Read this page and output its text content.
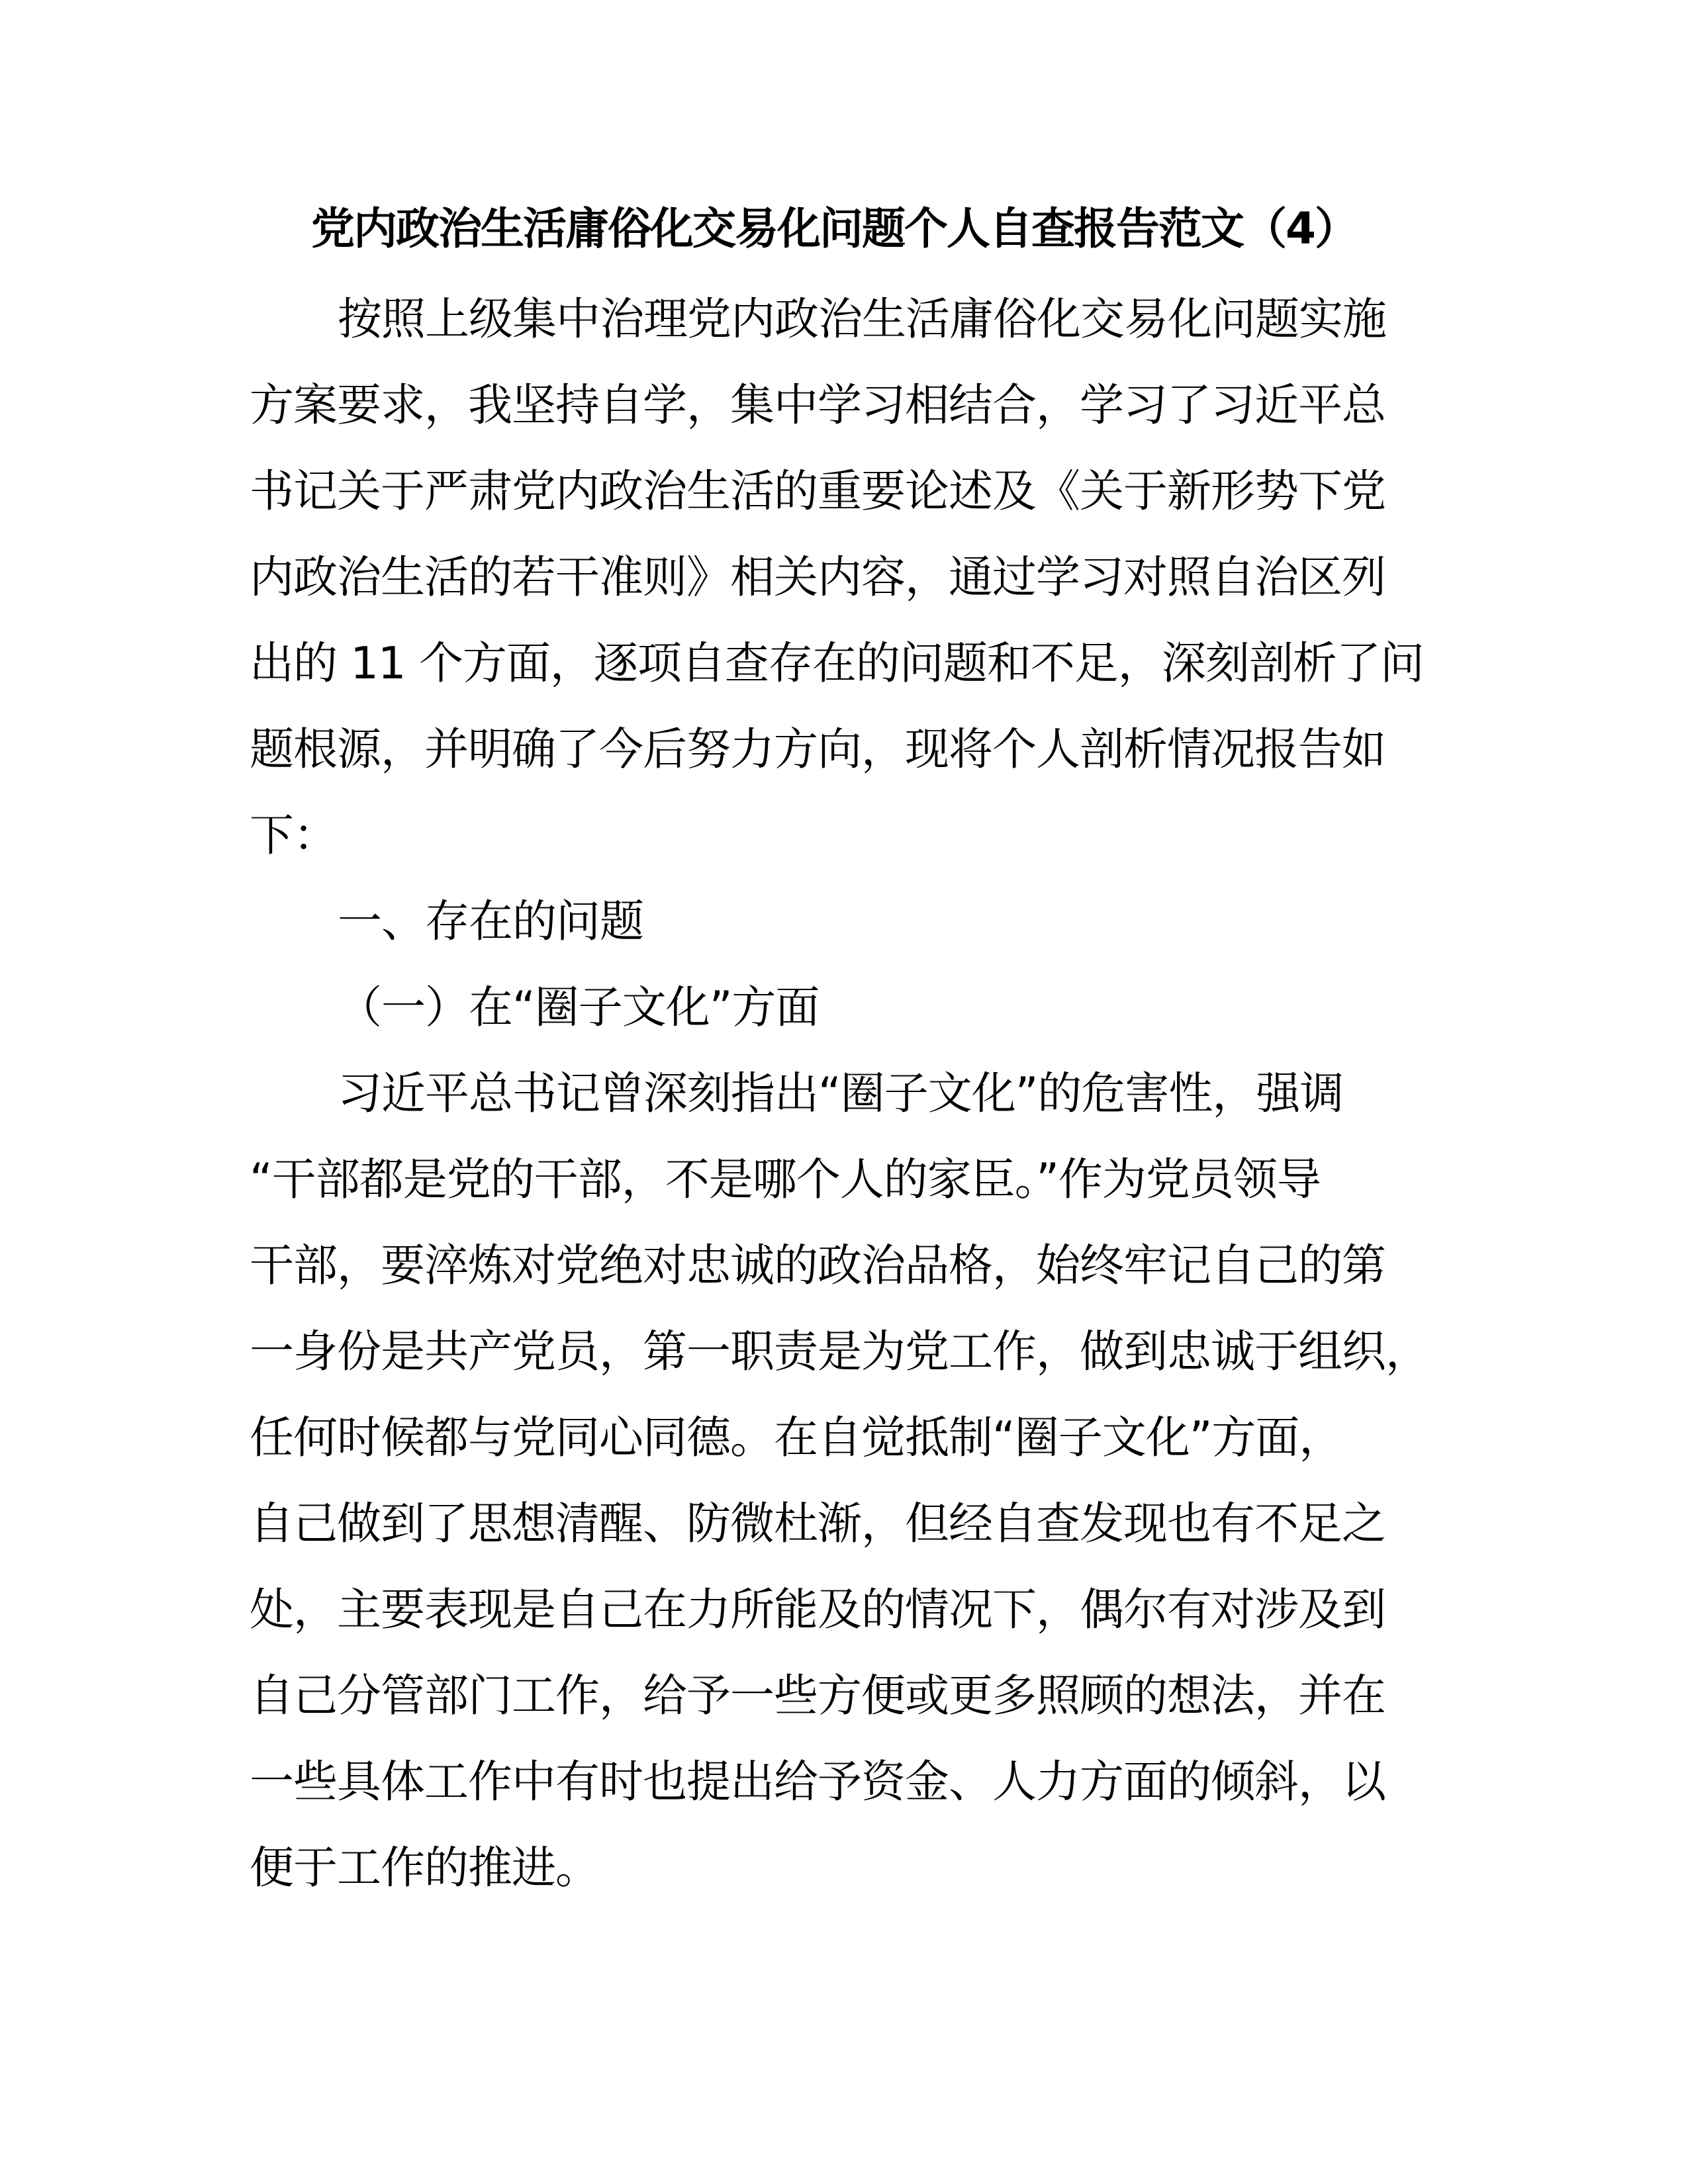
党内政治生活庸俗化交易化问题个人自查报告范文（4）
按照上级集中治理党内政治生活庸俗化交易化问题实施
方案要求，我坚持自学，集中学习相结合，学习了习近平总
书记关于严肃党内政治生活的重要论述及《关于新形势下党
内政治生活的若干准则》相关内容，通过学习对照自治区列
出的 11 个方面，逐项自查存在的问题和不足，深刻剖析了问
题根源，并明确了今后努力方向，现将个人剖析情况报告如
下：
一、存在的问题
（一）在“圈子文化”方面
习近平总书记曾深刻指出“圈子文化”的危害性，强调
“干部都是党的干部，不是哪个人的家臣。”作为党员领导
干部，要淬炼对党绝对忠诚的政治品格，始终牢记自己的第
一身份是共产党员，第一职责是为党工作，做到忠诚于组织，
任何时候都与党同心同德。在自觉抵制“圈子文化”方面，
自己做到了思想清醒、防微杜渐，但经自查发现也有不足之
处，主要表现是自己在力所能及的情况下，偶尔有对涉及到
自己分管部门工作，给予一些方便或更多照顾的想法，并在
一些具体工作中有时也提出给予资金、人力方面的倾斜，以
便于工作的推进。
